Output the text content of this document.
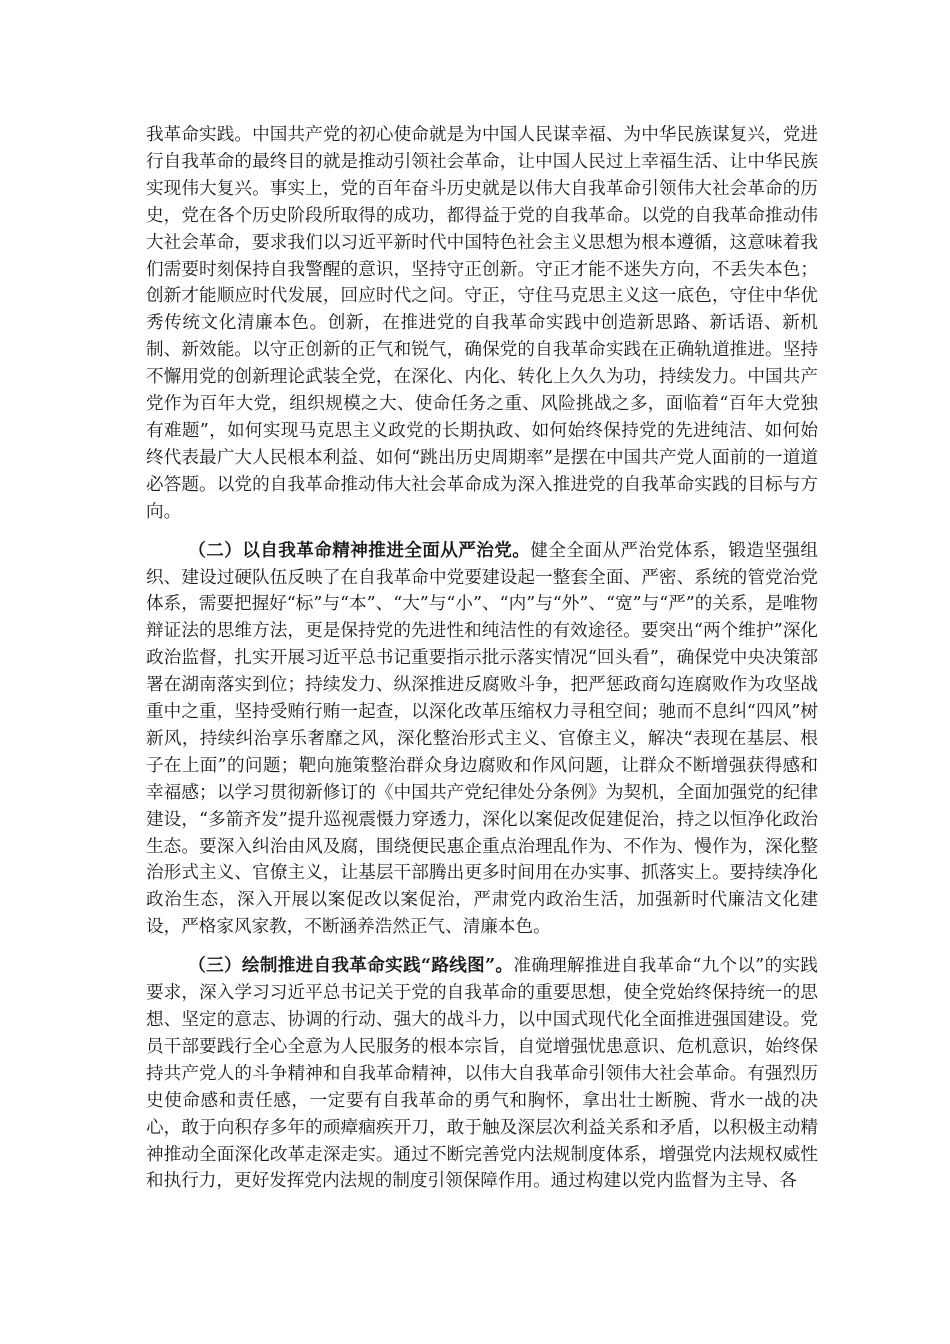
我革命实践。中国共产党的初心使命就是为中国人民谋幸福、为中华民族谋复兴，党进行自我革命的最终目的就是推动引领社会革命，让中国人民过上幸福生活、让中华民族实现伟大复兴。事实上，党的百年奋斗历史就是以伟大自我革命引领伟大社会革命的历史，党在各个历史阶段所取得的成功，都得益于党的自我革命。以党的自我革命推动伟大社会革命，要求我们以习近平新时代中国特色社会主义思想为根本遵循，这意味着我们需要时刻保持自我警醒的意识，坚持守正创新。守正才能不迷失方向，不丢失本色；创新才能顺应时代发展，回应时代之问。守正，守住马克思主义这一底色，守住中华优秀传统文化清廉本色。创新，在推进党的自我革命实践中创造新思路、新话语、新机制、新效能。以守正创新的正气和锐气，确保党的自我革命实践在正确轨道推进。坚持不懈用党的创新理论武装全党，在深化、内化、转化上久久为功，持续发力。中国共产党作为百年大党，组织规模之大、使命任务之重、风险挑战之多，面临着“百年大党独有难题”，如何实现马克思主义政党的长期执政、如何始终保持党的先进纯洁、如何始终代表最广大人民根本利益、如何“跳出历史周期率”是摆在中国共产党人面前的一道道必答题。以党的自我革命推动伟大社会革命成为深入推进党的自我革命实践的目标与方向。

（二）以自我革命精神推进全面从严治党。健全全面从严治党体系，锻造坚强组织、建设过硬队伍反映了在自我革命中党要建设起一整套全面、严密、系统的管党治党体系，需要把握好“标”与“本”、“大”与“小”、“内”与“外”、“宽”与“严”的关系，是唯物辩证法的思维方法，更是保持党的先进性和纯洁性的有效途径。要突出“两个维护”深化政治监督，扎实开展习近平总书记重要指示批示落实情况“回头看”，确保党中央决策部署在湖南落实到位；持续发力、纵深推进反腐败斗争，把严惩政商勾连腐败作为攻坚战重中之重，坚持受贿行贿一起查，以深化改革压缩权力寻租空间；驰而不息纠“四风”树新风，持续纠治享乐奢靡之风，深化整治形式主义、官僚主义，解决“表现在基层、根子在上面”的问题；靶向施策整治群众身边腐败和作风问题，让群众不断增强获得感和幸福感；以学习贯彻新修订的《中国共产党纪律处分条例》为契机，全面加强党的纪律建设，“多箭齐发”提升巡视震慑力穿透力，深化以案促改促建促治，持之以恒净化政治生态。要深入纠治由风及腐，围绕便民惠企重点治理乱作为、不作为、慢作为，深化整治形式主义、官僚主义，让基层干部腾出更多时间用在办实事、抓落实上。要持续净化政治生态，深入开展以案促改以案促治，严肃党内政治生活，加强新时代廉洁文化建设，严格家风家教，不断涵养浩然正气、清廉本色。

（三）绘制推进自我革命实践“路线图”。准确理解推进自我革命“九个以”的实践要求，深入学习习近平总书记关于党的自我革命的重要思想，使全党始终保持统一的思想、坚定的意志、协调的行动、强大的战斗力，以中国式现代化全面推进强国建设。党员干部要践行全心全意为人民服务的根本宗旨，自觉增强忧患意识、危机意识，始终保持共产党人的斗争精神和自我革命精神，以伟大自我革命引领伟大社会革命。有强烈历史使命感和责任感，一定要有自我革命的勇气和胸怀，拿出壮士断腕、背水一战的决心，敢于向积存多年的顽瘴痼疾开刀，敢于触及深层次利益关系和矛盾，以积极主动精神推动全面深化改革走深走实。通过不断完善党内法规制度体系，增强党内法规权威性和执行力，更好发挥党内法规的制度引领保障作用。通过构建以党内监督为主导、各
